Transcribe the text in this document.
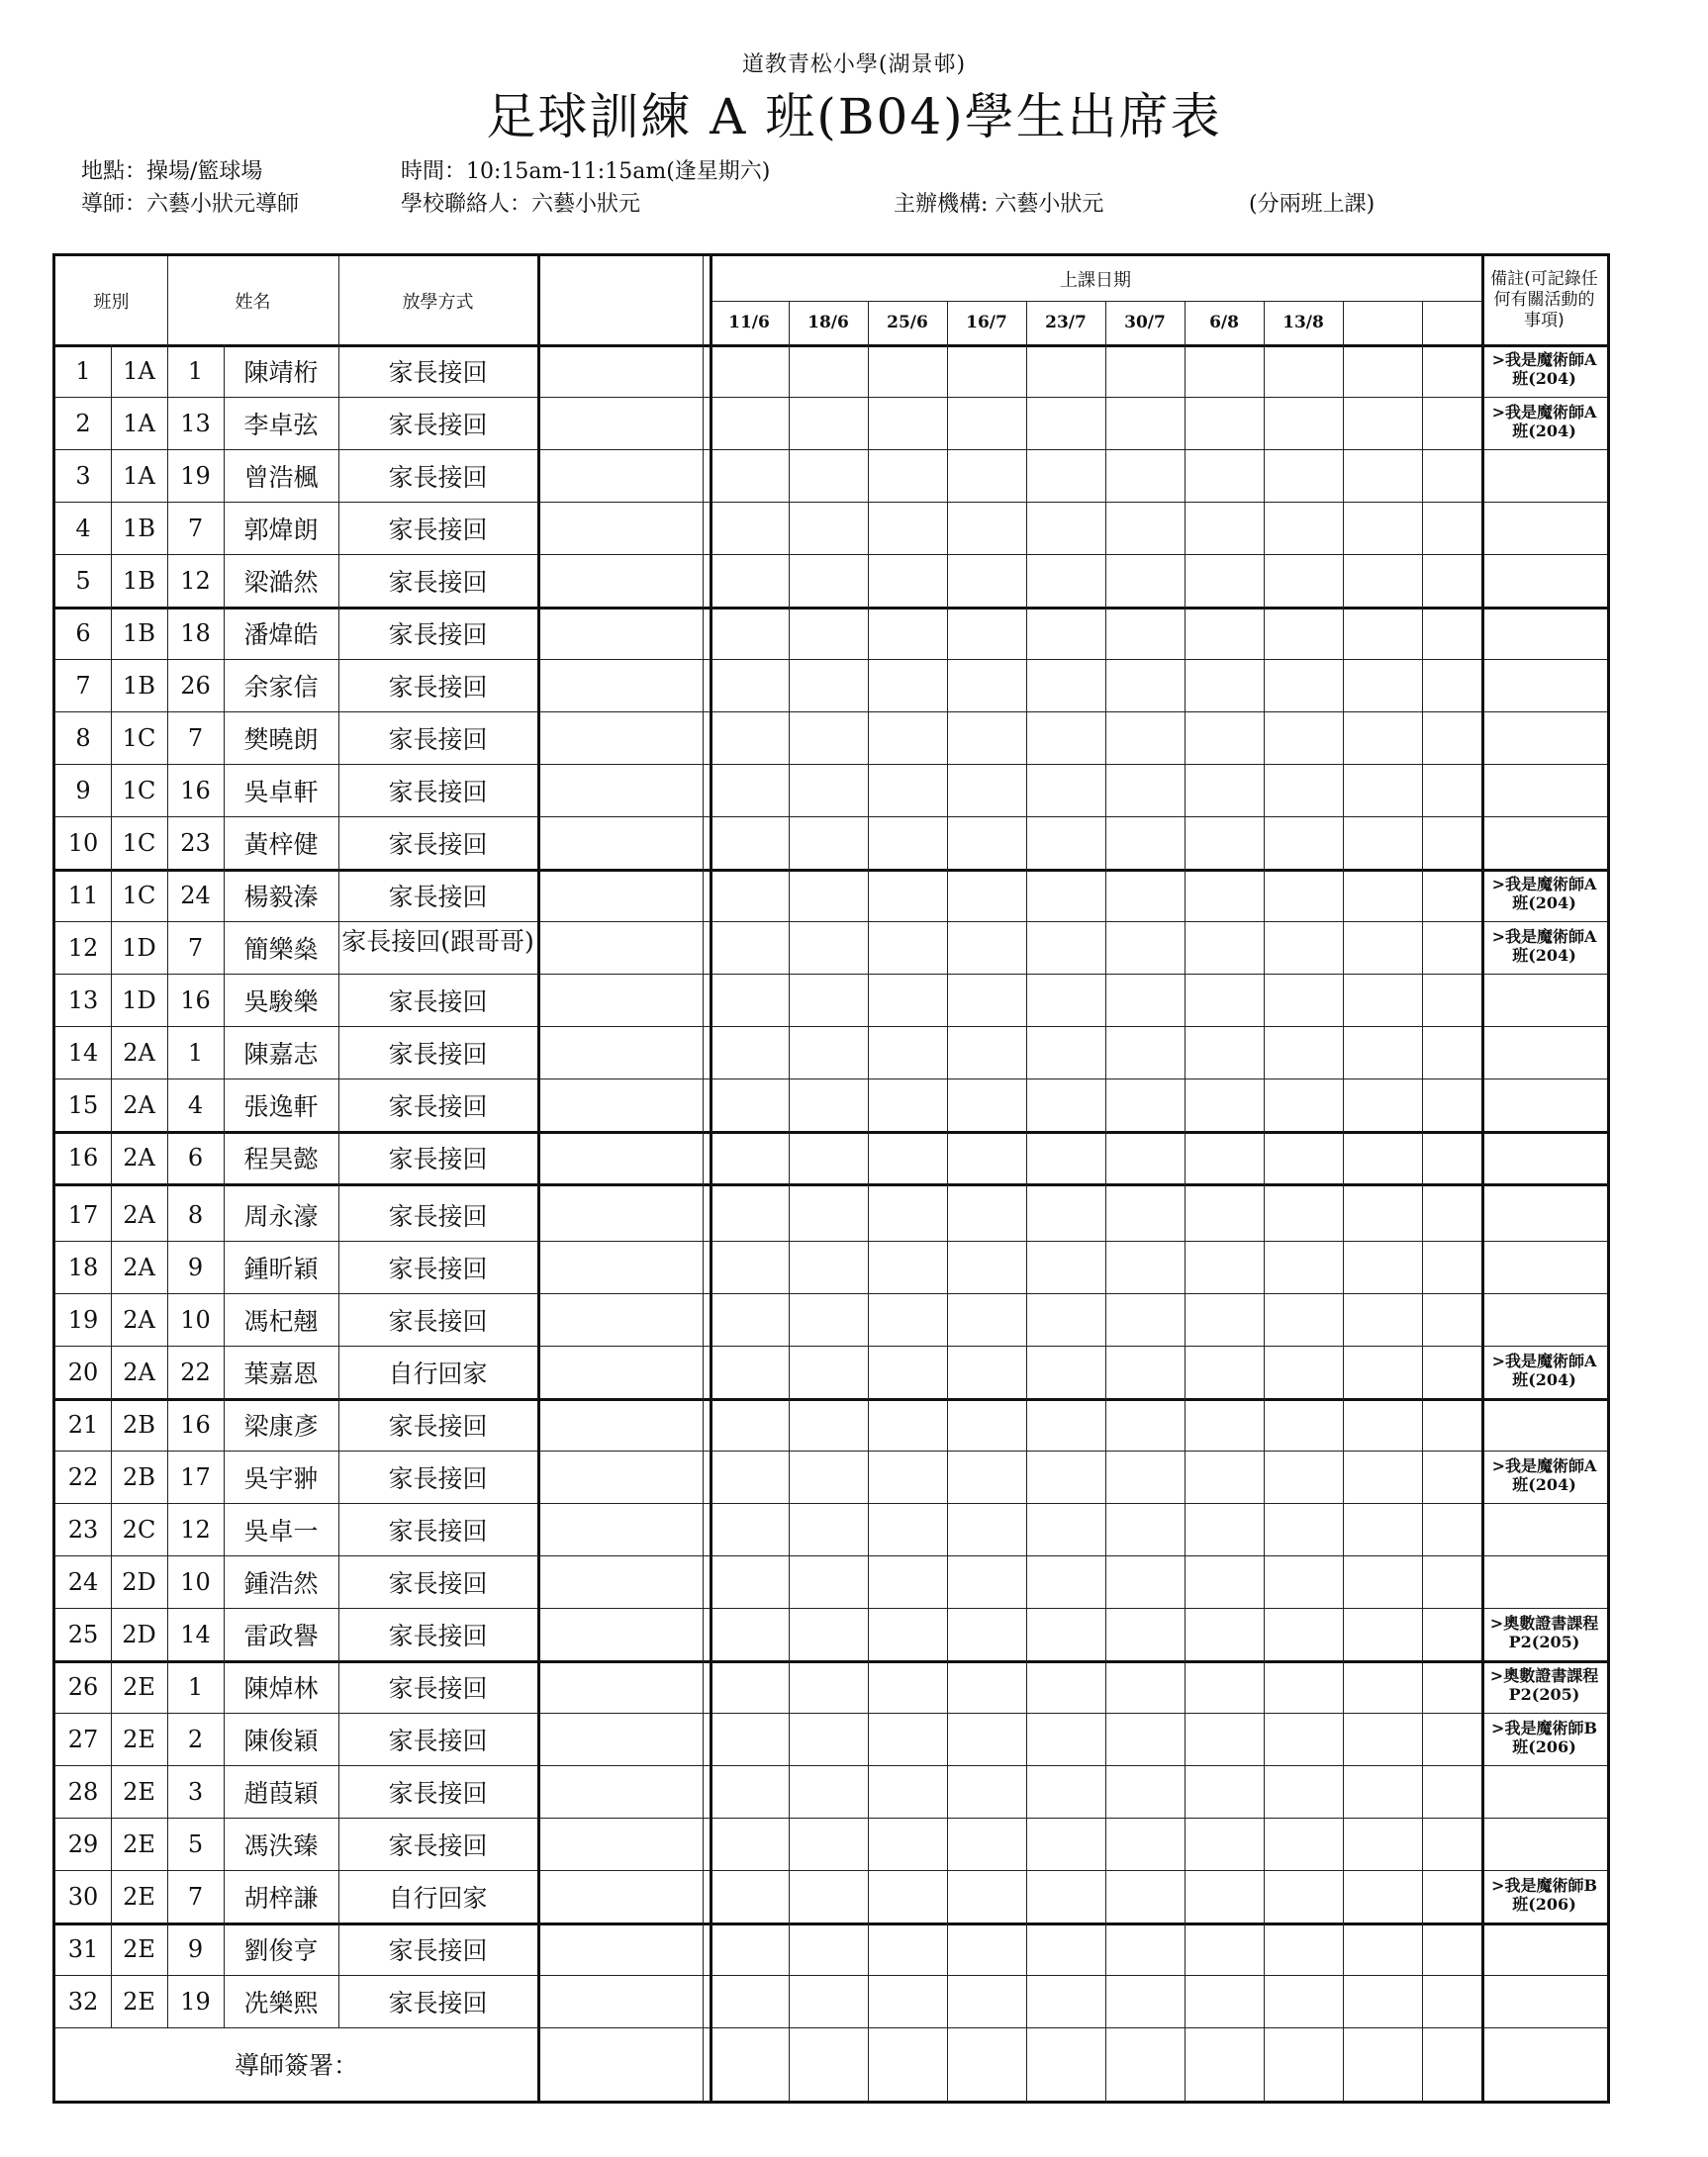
道教青松小學(湖景邨)
足球訓練 A 班(B04)學生出席表
地點：操場/籃球場	時間：10:15am-11:15am(逢星期六)
導師：六藝小狀元導師	學校聯絡人：六藝小狀元	主辦機構: 六藝小狀元	(分兩班上課)
班別	姓名	放學方式
上課日期	備註(可記錄任何有關活動的事項)
11/6	18/6	25/6	16/7	23/7	30/7	6/8	13/8
1	1A	1	陳靖桁	家長接回	>我是魔術師A 班(204)
2	1A	13	李卓弦	家長接回	>我是魔術師A 班(204)
3	1A	19	曾浩楓	家長接回
4	1B	7	郭煒朗	家長接回
5	1B	12	梁澔然	家長接回
6	1B	18	潘煒皓	家長接回
7	1B	26	余家信	家長接回
8	1C	7	樊曉朗	家長接回
9	1C	16	吳卓軒	家長接回
10	1C	23	黃梓健	家長接回
11	1C	24	楊毅溱	家長接回	>我是魔術師A 班(204)
12 1D	7	簡樂燊 家長接回(跟哥哥)	>我是魔術師A 班(204)
13 1D	16	吳駿樂	家長接回
14	2A	1	陳嘉志	家長接回
15	2A	4	張逸軒	家長接回
16	2A	6	程昊懿	家長接回
17	2A	8	周永濠	家長接回
18	2A	9	鍾昕穎	家長接回
19	2A	10	馮杞翹	家長接回
20	2A	22	葉嘉恩	自行回家	>我是魔術師A 班(204)
21	2B	16	梁康彥	家長接回
22	2B	17	吳宇翀	家長接回	>我是魔術師A 班(204)
23	2C	12	吳卓一	家長接回
24 2D	10	鍾浩然	家長接回
25 2D	14	雷政譽	家長接回	>奧數證書課程 P2(205)
26	2E	1	陳焯林	家長接回	>奧數證書課程 P2(205)
27	2E	2	陳俊穎	家長接回	>我是魔術師B 班(206)
28	2E	3	趙葭穎	家長接回
29	2E	5	馮泆臻	家長接回
30	2E	7	胡梓謙	自行回家	>我是魔術師B 班(206)
31	2E	9	劉俊亨	家長接回
32	2E	19	冼樂熙	家長接回
導師簽署：
